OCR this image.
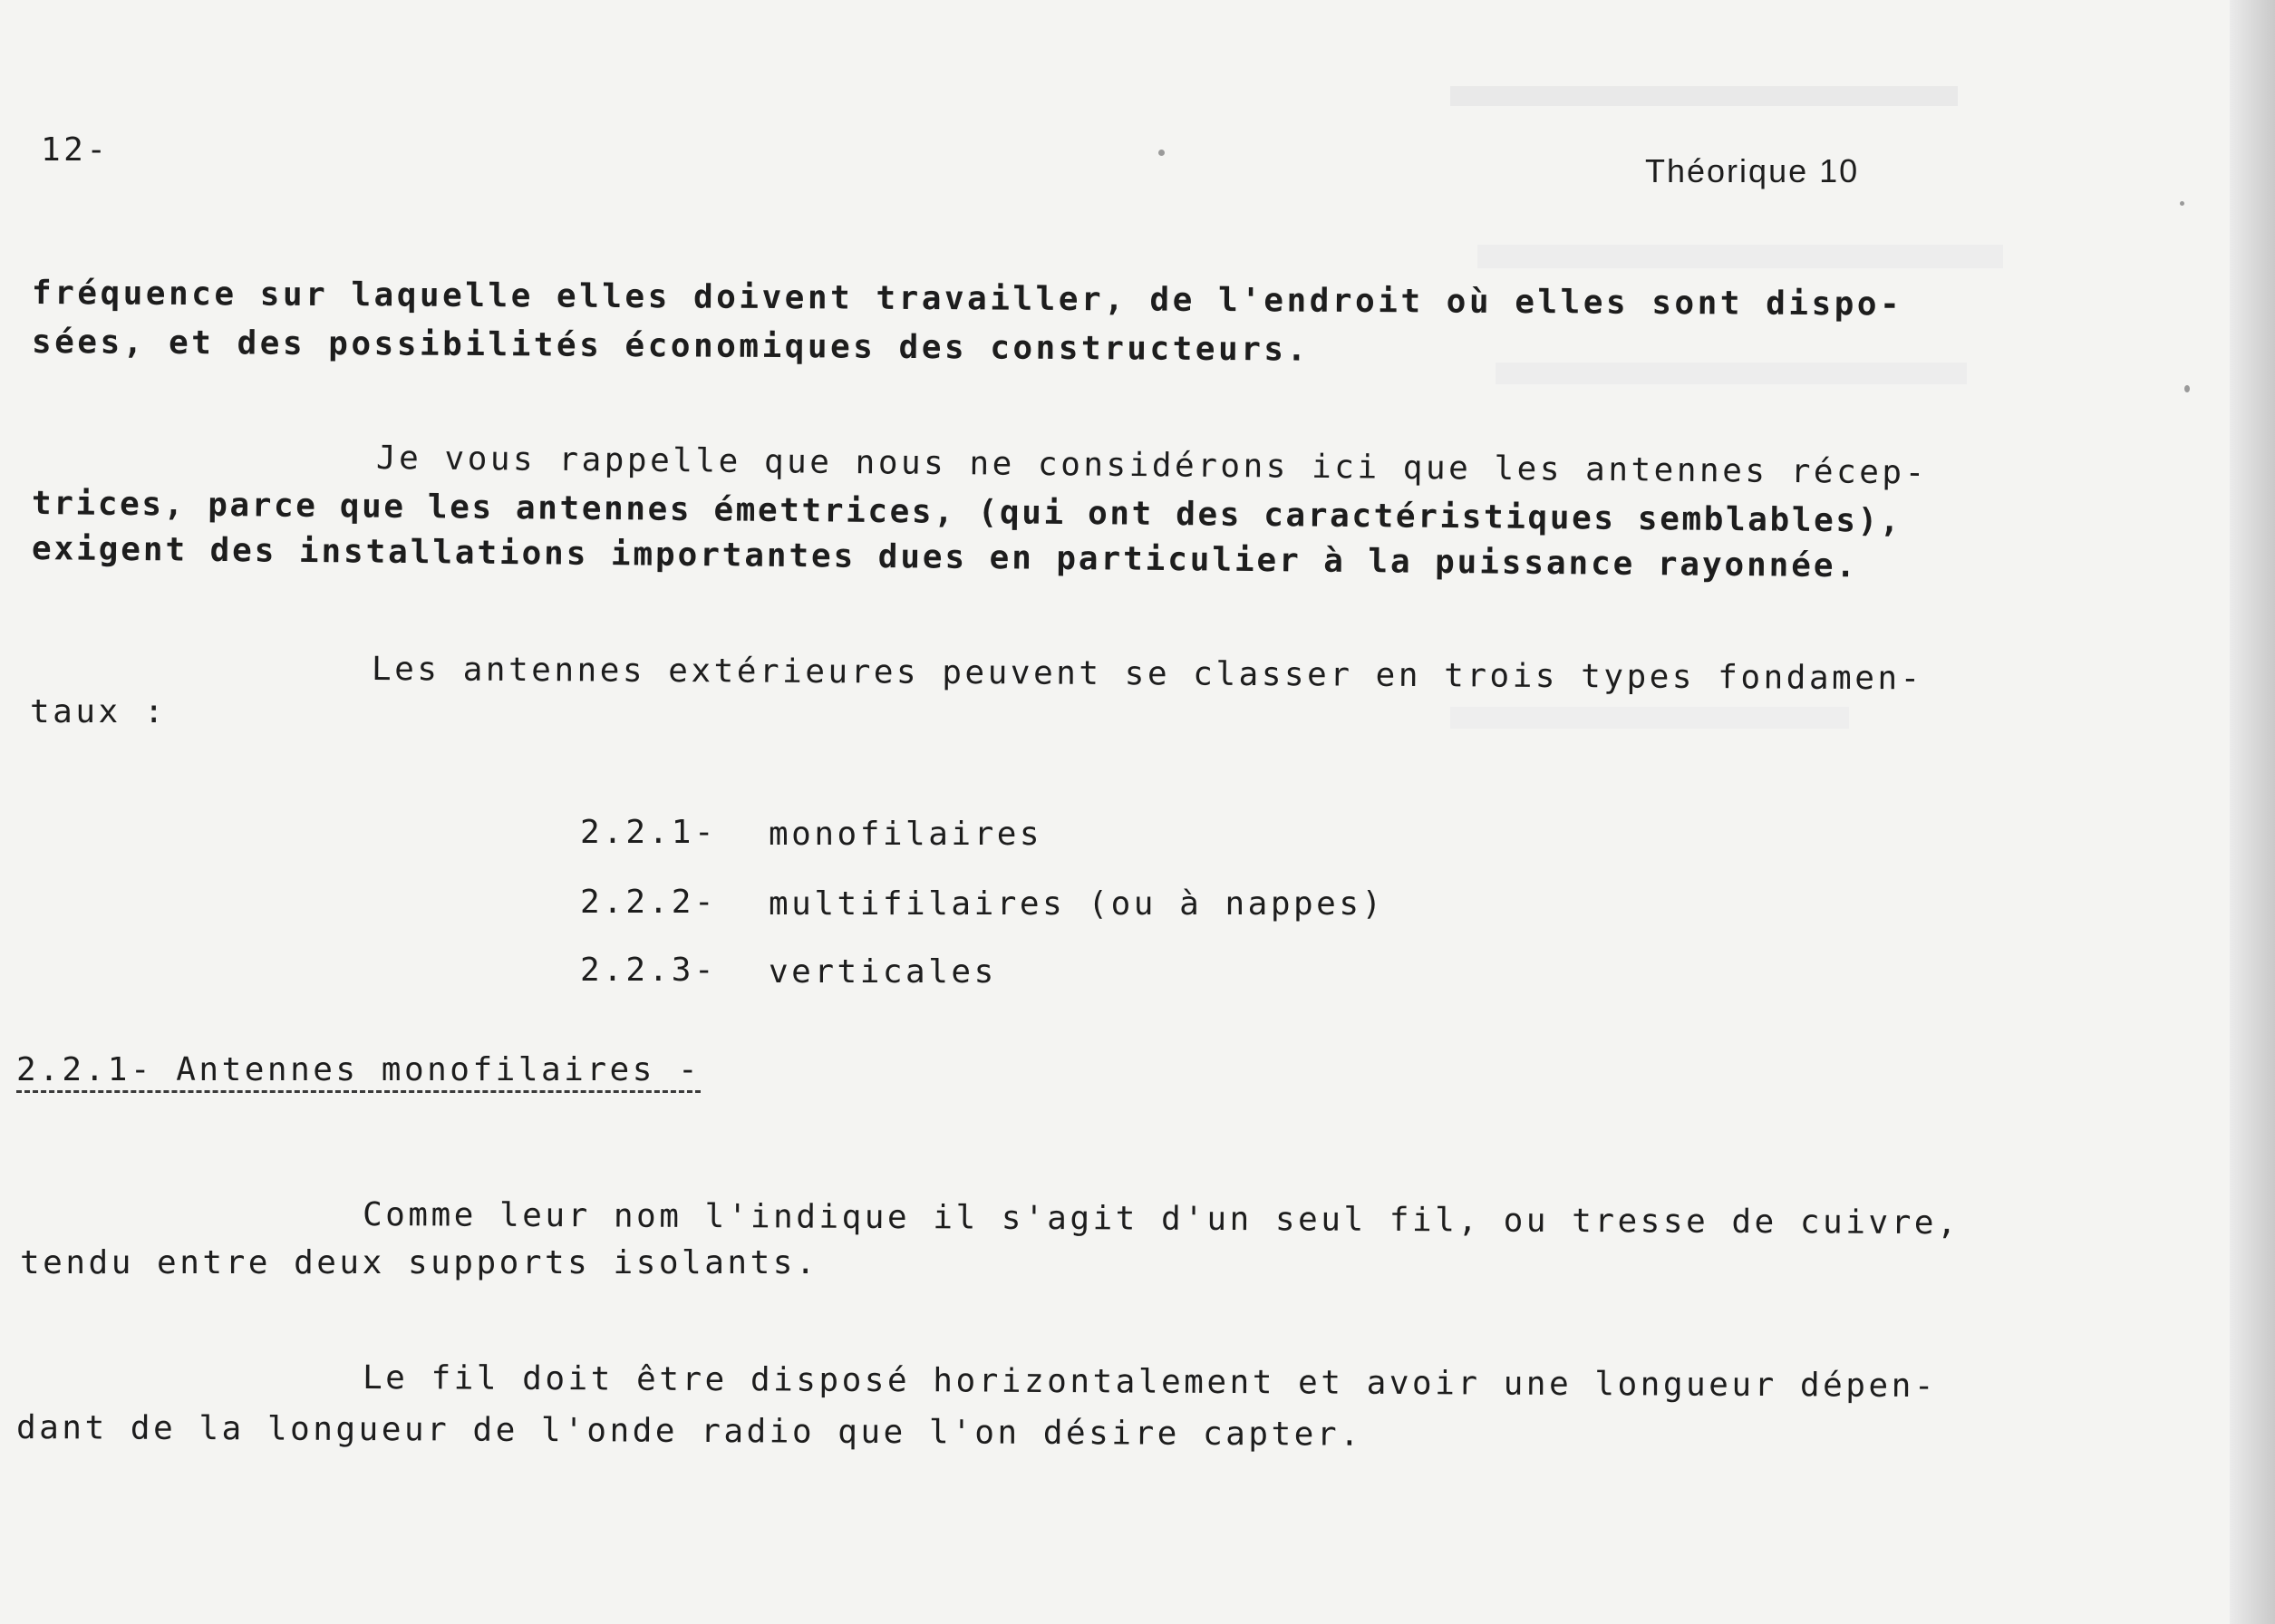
12-
Théorique 10
fréquence sur laquelle elles doivent travailler, de l'endroit où elles sont dispo-
sées, et des possibilités économiques des constructeurs.
Je vous rappelle que nous ne considérons ici que les antennes récep-
trices, parce que les antennes émettrices, (qui ont des caractéristiques semblables),
exigent des installations importantes dues en particulier à la puissance rayonnée.
Les antennes extérieures peuvent se classer en trois types fondamen-
taux :
2.2.1- monofilaires
2.2.2- multifilaires (ou à nappes)
2.2.3- verticales
2.2.1- Antennes monofilaires -
Comme leur nom l'indique il s'agit d'un seul fil, ou tresse de cuivre,
tendu entre deux supports isolants.
Le fil doit être disposé horizontalement et avoir une longueur dépen-
dant de la longueur de l'onde radio que l'on désire capter.
